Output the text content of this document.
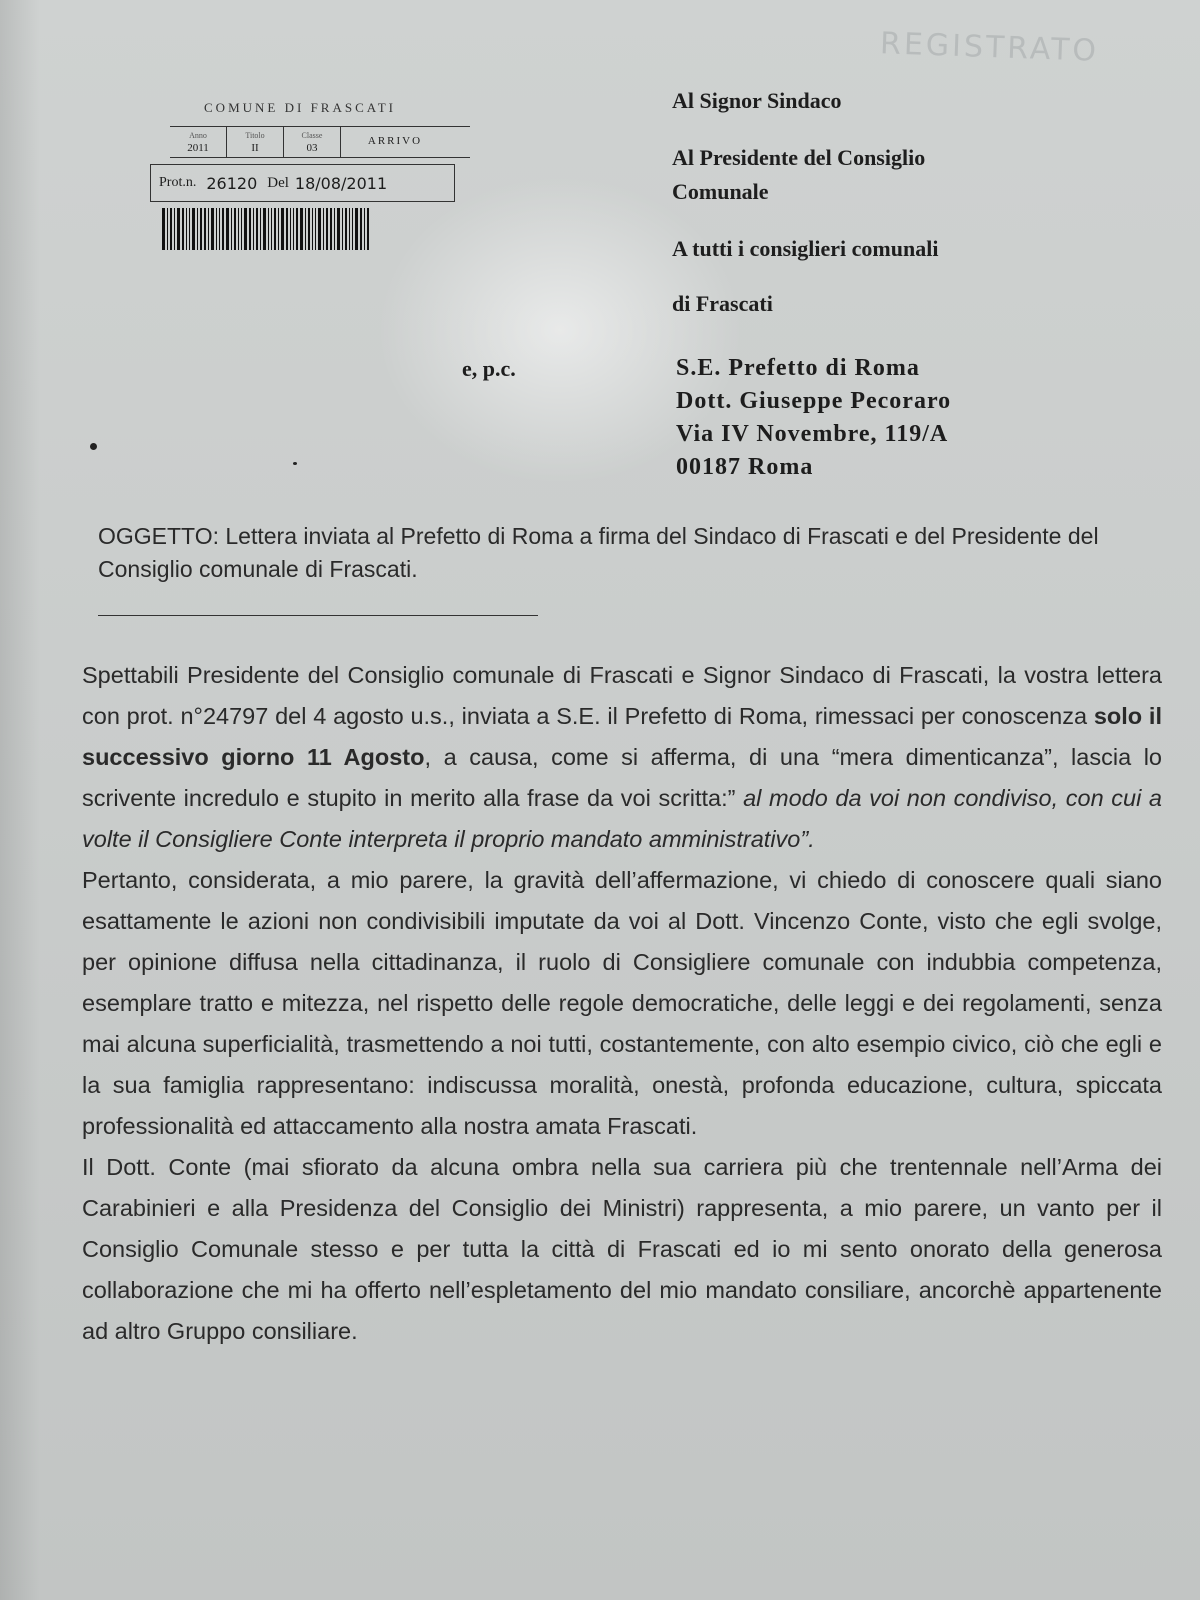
REGISTRATO
COMUNE DI FRASCATI
Anno
2011
Titolo
II
Classe
03
ARRIVO
Prot.n. 26120 Del 18/08/2011
Al Signor Sindaco
Al Presidente del Consiglio
Comunale
A tutti i consiglieri comunali
di Frascati
e, p.c.	S.E. Prefetto di Roma
Dott. Giuseppe Pecoraro
Via IV Novembre, 119/A
00187 Roma
OGGETTO: Lettera inviata al Prefetto di Roma a firma del Sindaco di Frascati e del Presidente del Consiglio comunale di Frascati.

Spettabili Presidente del Consiglio comunale di Frascati e Signor Sindaco di Frascati, la vostra lettera con prot. n°24797 del 4 agosto u.s., inviata a S.E. il Prefetto di Roma, rimessaci per conoscenza solo il successivo giorno 11 Agosto, a causa, come si afferma, di una “mera dimenticanza”, lascia lo scrivente incredulo e stupito in merito alla frase da voi scritta:” al modo da voi non condiviso, con cui a volte il Consigliere Conte interpreta il proprio mandato amministrativo”.

Pertanto, considerata, a mio parere, la gravità dell’affermazione, vi chiedo di conoscere quali siano esattamente le azioni non condivisibili imputate da voi al Dott. Vincenzo Conte, visto che egli svolge, per opinione diffusa nella cittadinanza, il ruolo di Consigliere comunale con indubbia competenza, esemplare tratto e mitezza, nel rispetto delle regole democratiche, delle leggi e dei regolamenti, senza mai alcuna superficialità, trasmettendo a noi tutti, costantemente, con alto esempio civico, ciò che egli e la sua famiglia rappresentano: indiscussa moralità, onestà, profonda educazione, cultura, spiccata professionalità ed attaccamento alla nostra amata Frascati.

Il Dott. Conte (mai sfiorato da alcuna ombra nella sua carriera più che trentennale nell’Arma dei Carabinieri e alla Presidenza del Consiglio dei Ministri) rappresenta, a mio parere, un vanto per il Consiglio Comunale stesso e per tutta la città di Frascati ed io mi sento onorato della generosa collaborazione che mi ha offerto nell’espletamento del mio mandato consiliare, ancorchè appartenente ad altro Gruppo consiliare.
